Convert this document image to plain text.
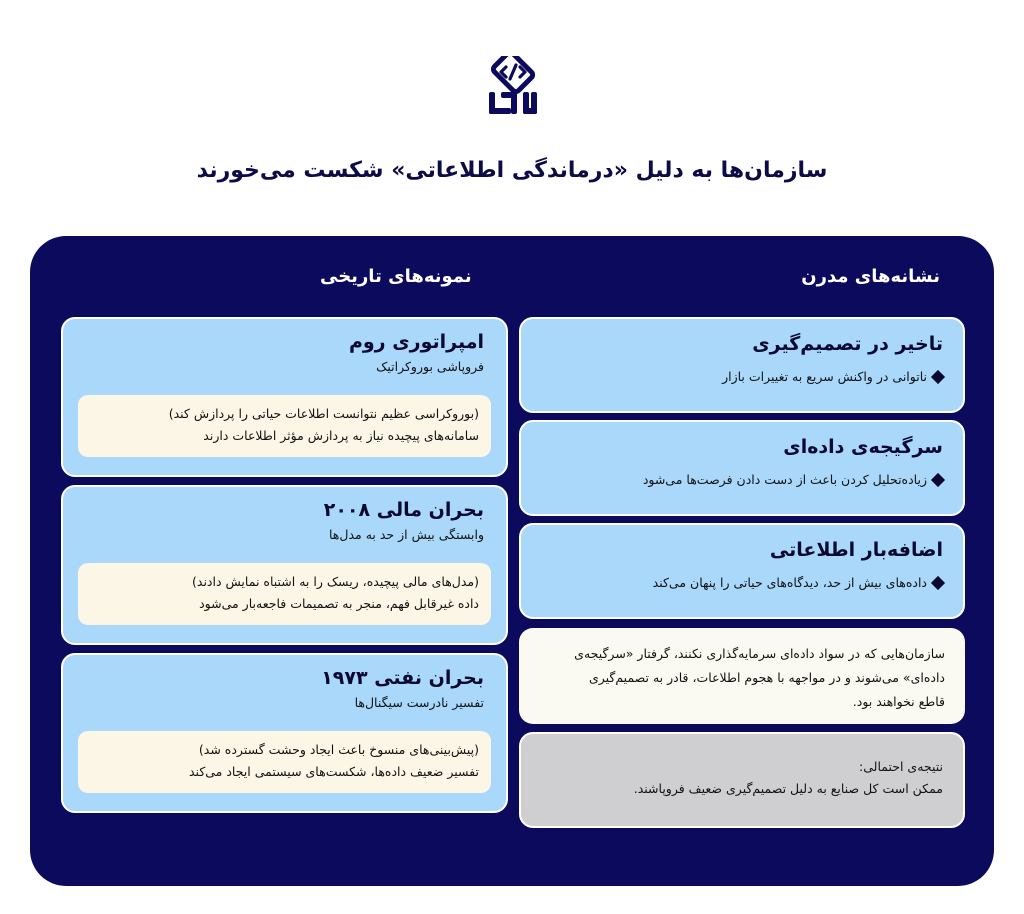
سازمان‌ها به دلیل «درماندگی اطلاعاتی» شکست می‌خورند
نشانه‌های مدرن
نمونه‌های تاریخی
تاخیر در تصمیم‌گیری
ناتوانی در واکنش سریع به تغییرات بازار
سرگیجه‌ی داده‌ای
زیاده‌تحلیل کردن باعث از دست دادن فرصت‌ها می‌شود
اضافه‌بار اطلاعاتی
داده‌های بیش از حد، دیدگاه‌های حیاتی را پنهان می‌کند
سازمان‌هایی که در سواد داده‌ای سرمایه‌گذاری نکنند، گرفتار «سرگیجه‌ی
داده‌ای» می‌شوند و در مواجهه با هجوم اطلاعات، قادر به تصمیم‌گیری
قاطع نخواهند بود.
نتیجه‌ی احتمالی:
ممکن است کل صنایع به دلیل تصمیم‌گیری ضعیف فروپاشند.
امپراتوری روم
فروپاشی بوروکراتیک
(بوروکراسی عظیم نتوانست اطلاعات حیاتی را پردازش کند)
سامانه‌های پیچیده نیاز به پردازش مؤثر اطلاعات دارند
بحران مالی ۲۰۰۸
وابستگی بیش از حد به مدل‌ها
(مدل‌های مالی پیچیده، ریسک را به اشتباه نمایش دادند)
داده غیرقابل فهم، منجر به تصمیمات فاجعه‌بار می‌شود
بحران نفتی ۱۹۷۳
تفسیر نادرست سیگنال‌ها
(پیش‌بینی‌های منسوخ باعث ایجاد وحشت گسترده شد)
تفسیر ضعیف داده‌ها، شکست‌های سیستمی ایجاد می‌کند
